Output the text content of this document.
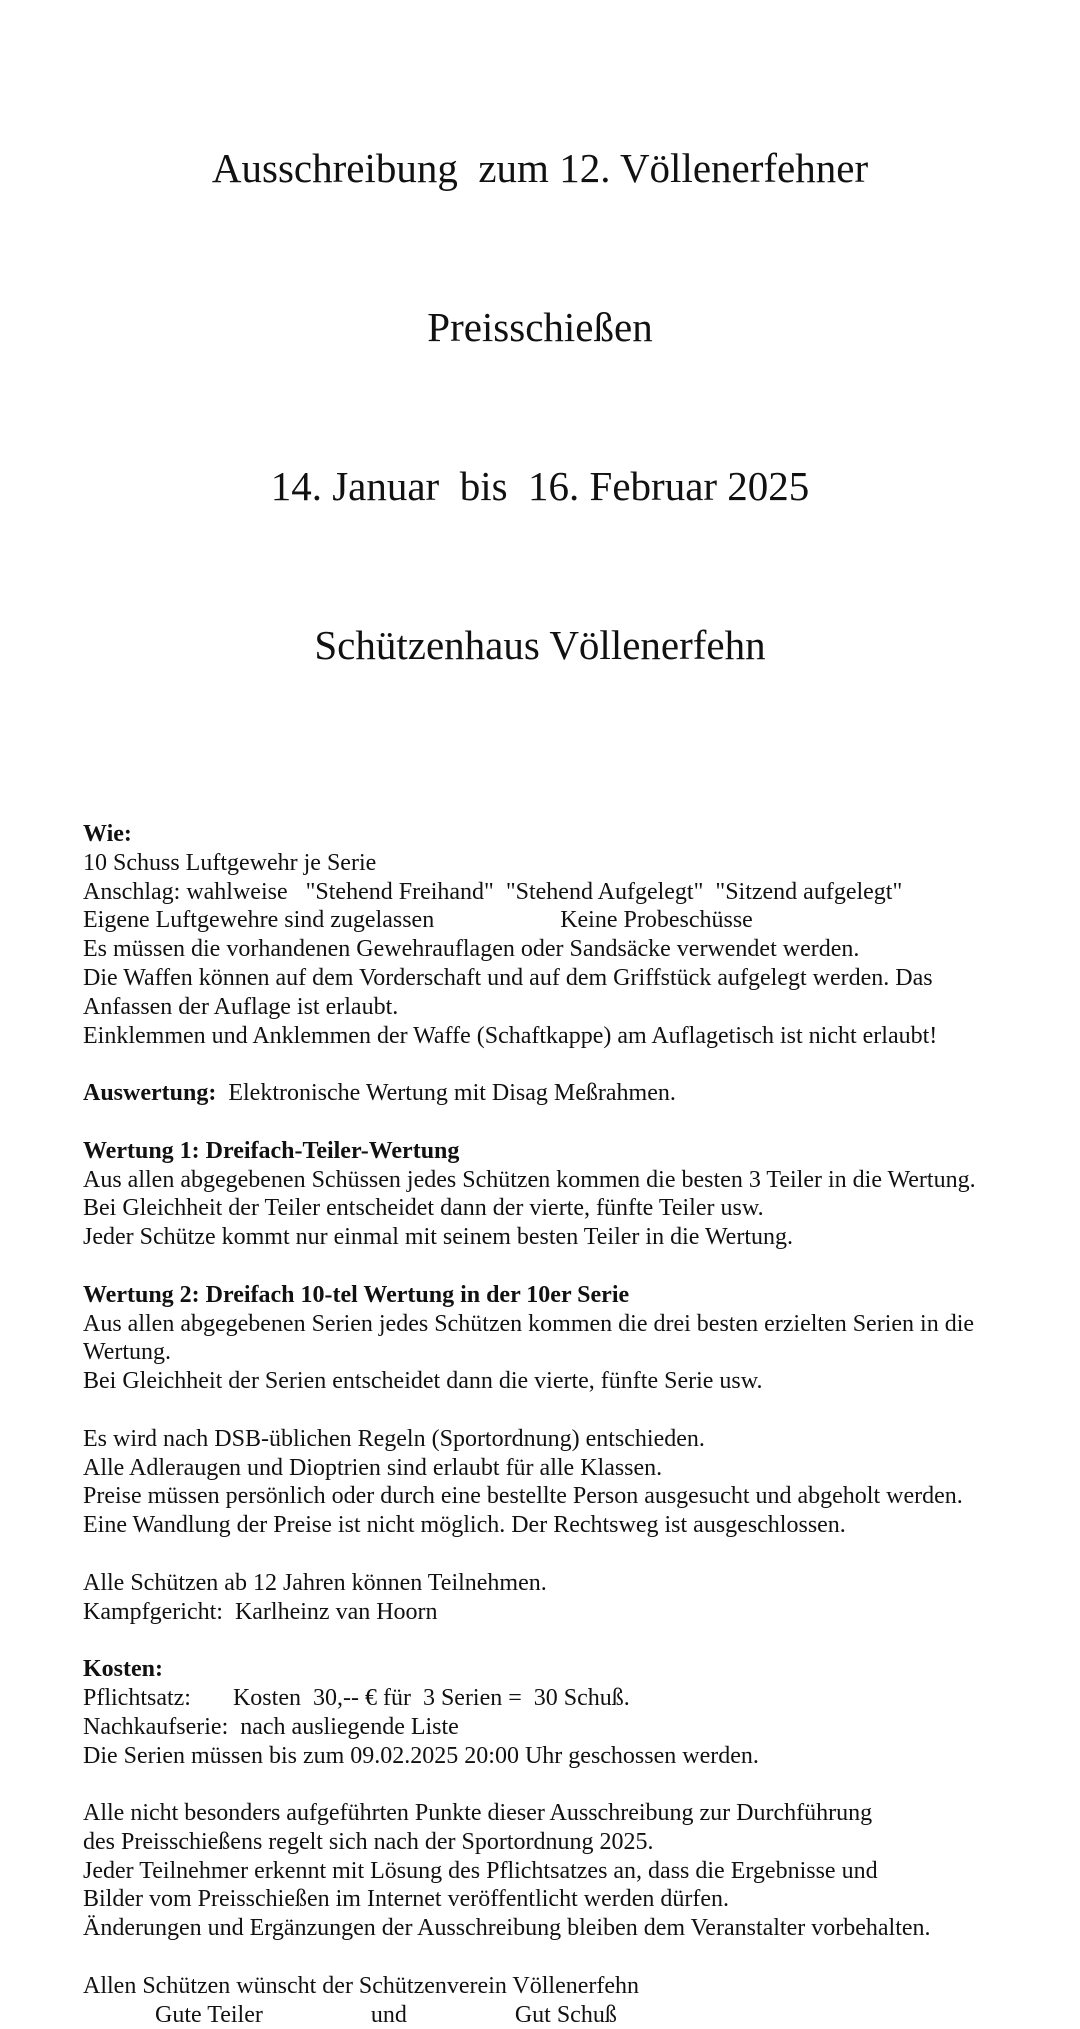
Ausschreibung  zum 12. Völlenerfehner

Preisschießen

14. Januar  bis  16. Februar 2025

Schützenhaus Völlenerfehn

Wie:
10 Schuss Luftgewehr je Serie
Anschlag: wahlweise   "Stehend Freihand"  "Stehend Aufgelegt"  "Sitzend aufgelegt"
Eigene Luftgewehre sind zugelassen                     Keine Probeschüsse
Es müssen die vorhandenen Gewehrauflagen oder Sandsäcke verwendet werden.
Die Waffen können auf dem Vorderschaft und auf dem Griffstück aufgelegt werden. Das
Anfassen der Auflage ist erlaubt.
Einklemmen und Anklemmen der Waffe (Schaftkappe) am Auflagetisch ist nicht erlaubt!
Auswertung:  Elektronische Wertung mit Disag Meßrahmen.
Wertung 1: Dreifach-Teiler-Wertung
Aus allen abgegebenen Schüssen jedes Schützen kommen die besten 3 Teiler in die Wertung.
Bei Gleichheit der Teiler entscheidet dann der vierte, fünfte Teiler usw.
Jeder Schütze kommt nur einmal mit seinem besten Teiler in die Wertung.
Wertung 2: Dreifach 10-tel Wertung in der 10er Serie
Aus allen abgegebenen Serien jedes Schützen kommen die drei besten erzielten Serien in die
Wertung.
Bei Gleichheit der Serien entscheidet dann die vierte, fünfte Serie usw.
Es wird nach DSB-üblichen Regeln (Sportordnung) entschieden.
Alle Adleraugen und Dioptrien sind erlaubt für alle Klassen.
Preise müssen persönlich oder durch eine bestellte Person ausgesucht und abgeholt werden.
Eine Wandlung der Preise ist nicht möglich. Der Rechtsweg ist ausgeschlossen.
Alle Schützen ab 12 Jahren können Teilnehmen.
Kampfgericht:  Karlheinz van Hoorn
Kosten:
Pflichtsatz:       Kosten  30,-- € für  3 Serien =  30 Schuß.
Nachkaufserie:  nach ausliegende Liste
Die Serien müssen bis zum 09.02.2025 20:00 Uhr geschossen werden.
Alle nicht besonders aufgeführten Punkte dieser Ausschreibung zur Durchführung
des Preisschießens regelt sich nach der Sportordnung 2025.
Jeder Teilnehmer erkennt mit Lösung des Pflichtsatzes an, dass die Ergebnisse und
Bilder vom Preisschießen im Internet veröffentlicht werden dürfen.
Änderungen und Ergänzungen der Ausschreibung bleiben dem Veranstalter vorbehalten.
Allen Schützen wünscht der Schützenverein Völlenerfehn
Gute Teiler                  und                  Gut Schuß
